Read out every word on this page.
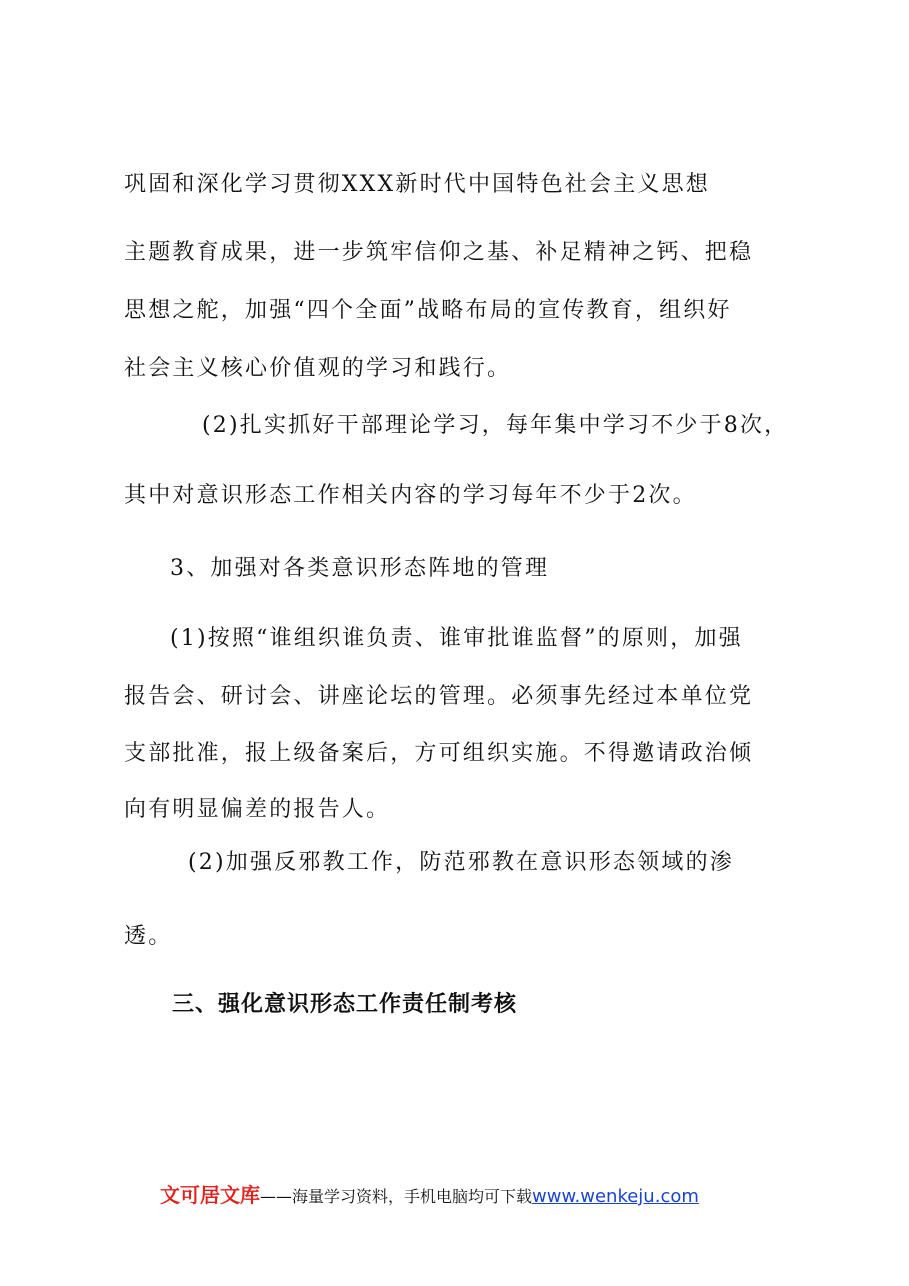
巩固和深化学习贯彻XXX新时代中国特色社会主义思想
主题教育成果，进一步筑牢信仰之基、补足精神之钙、把稳
思想之舵，加强“四个全面”战略布局的宣传教育，组织好
社会主义核心价值观的学习和践行。
(2)扎实抓好干部理论学习，每年集中学习不少于8次，
其中对意识形态工作相关内容的学习每年不少于2次。
3、加强对各类意识形态阵地的管理
(1)按照“谁组织谁负责、谁审批谁监督”的原则，加强
报告会、研讨会、讲座论坛的管理。必须事先经过本单位党
支部批准，报上级备案后，方可组织实施。不得邀请政治倾
向有明显偏差的报告人。
(2)加强反邪教工作，防范邪教在意识形态领域的渗
透。
三、强化意识形态工作责任制考核
文可居文库——海量学习资料，手机电脑均可下载www.wenkeju.com
